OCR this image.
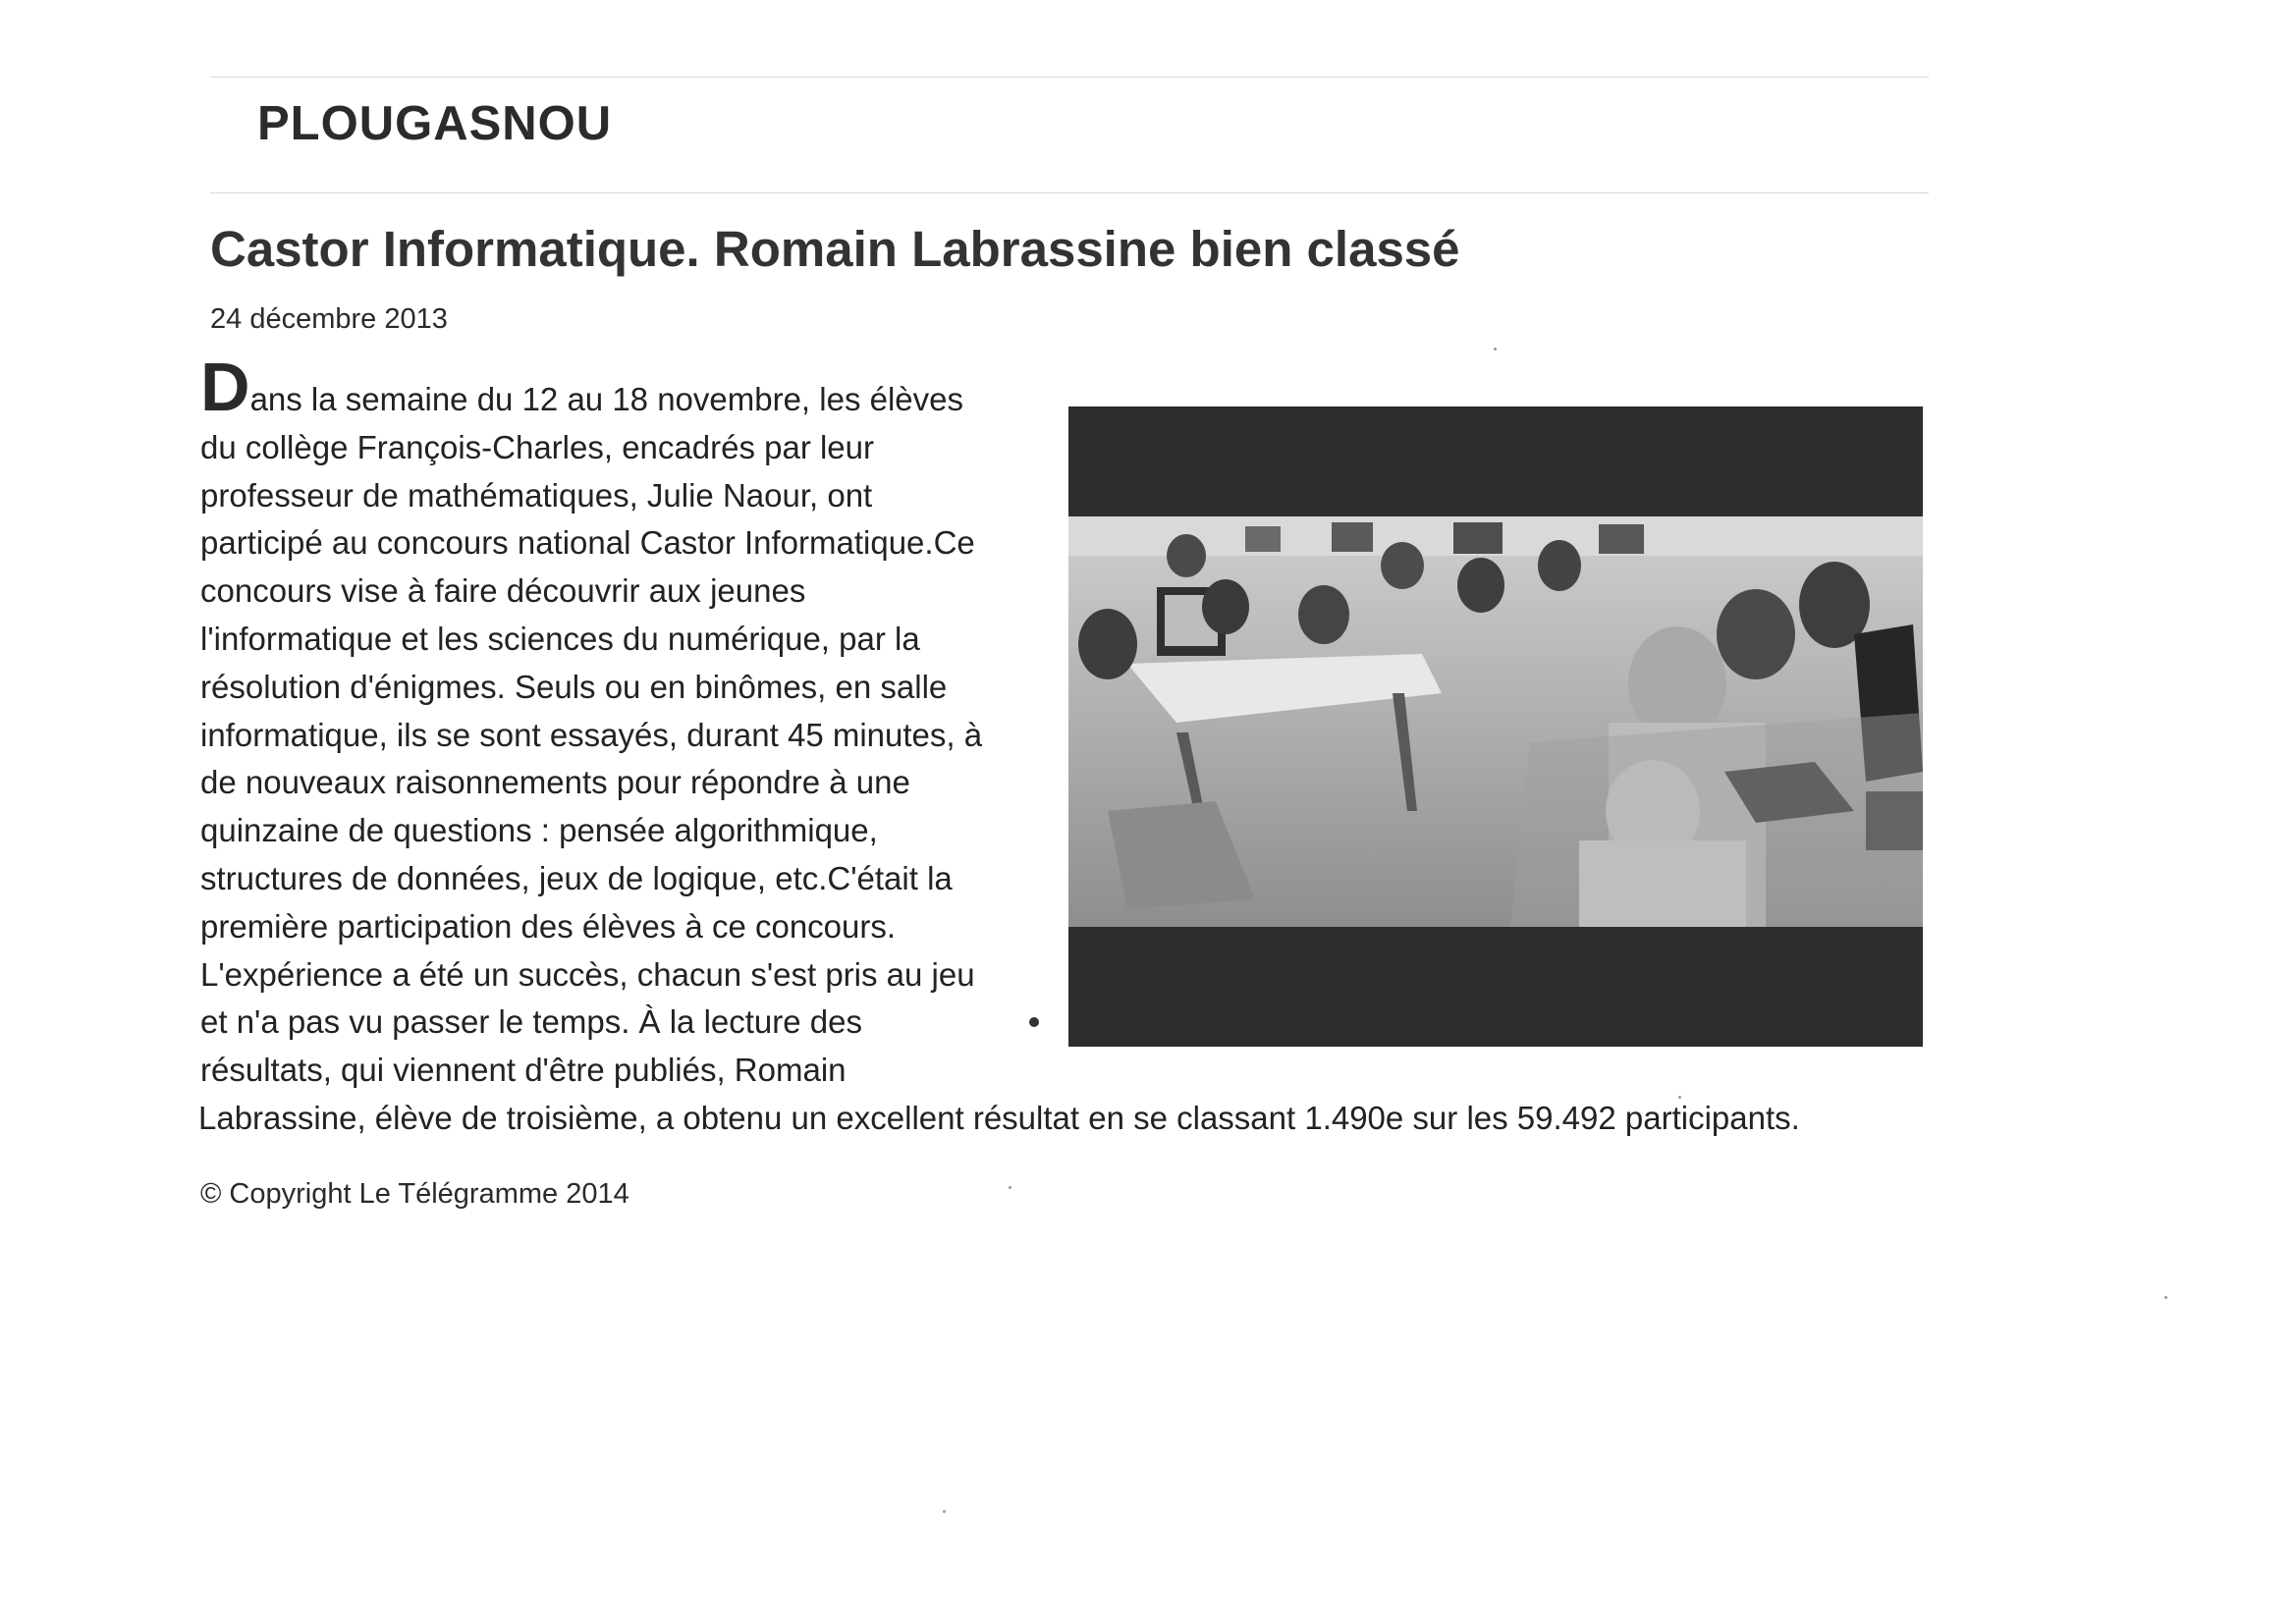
PLOUGASNOU
Castor Informatique. Romain Labrassine bien classé
24 décembre 2013
Dans la semaine du 12 au 18 novembre, les élèves
du collège François-Charles, encadrés par leur
professeur de mathématiques, Julie Naour, ont
participé au concours national Castor Informatique.Ce
concours vise à faire découvrir aux jeunes
l'informatique et les sciences du numérique, par la
résolution d'énigmes. Seuls ou en binômes, en salle
informatique, ils se sont essayés, durant 45 minutes, à
de nouveaux raisonnements pour répondre à une
quinzaine de questions : pensée algorithmique,
structures de données, jeux de logique, etc.C'était la
première participation des élèves à ce concours.
L'expérience a été un succès, chacun s'est pris au jeu
et n'a pas vu passer le temps. À la lecture des
résultats, qui viennent d'être publiés, Romain
Labrassine, élève de troisième, a obtenu un excellent résultat en se classant 1.490e sur les 59.492 participants.
© Copyright Le Télégramme 2014
